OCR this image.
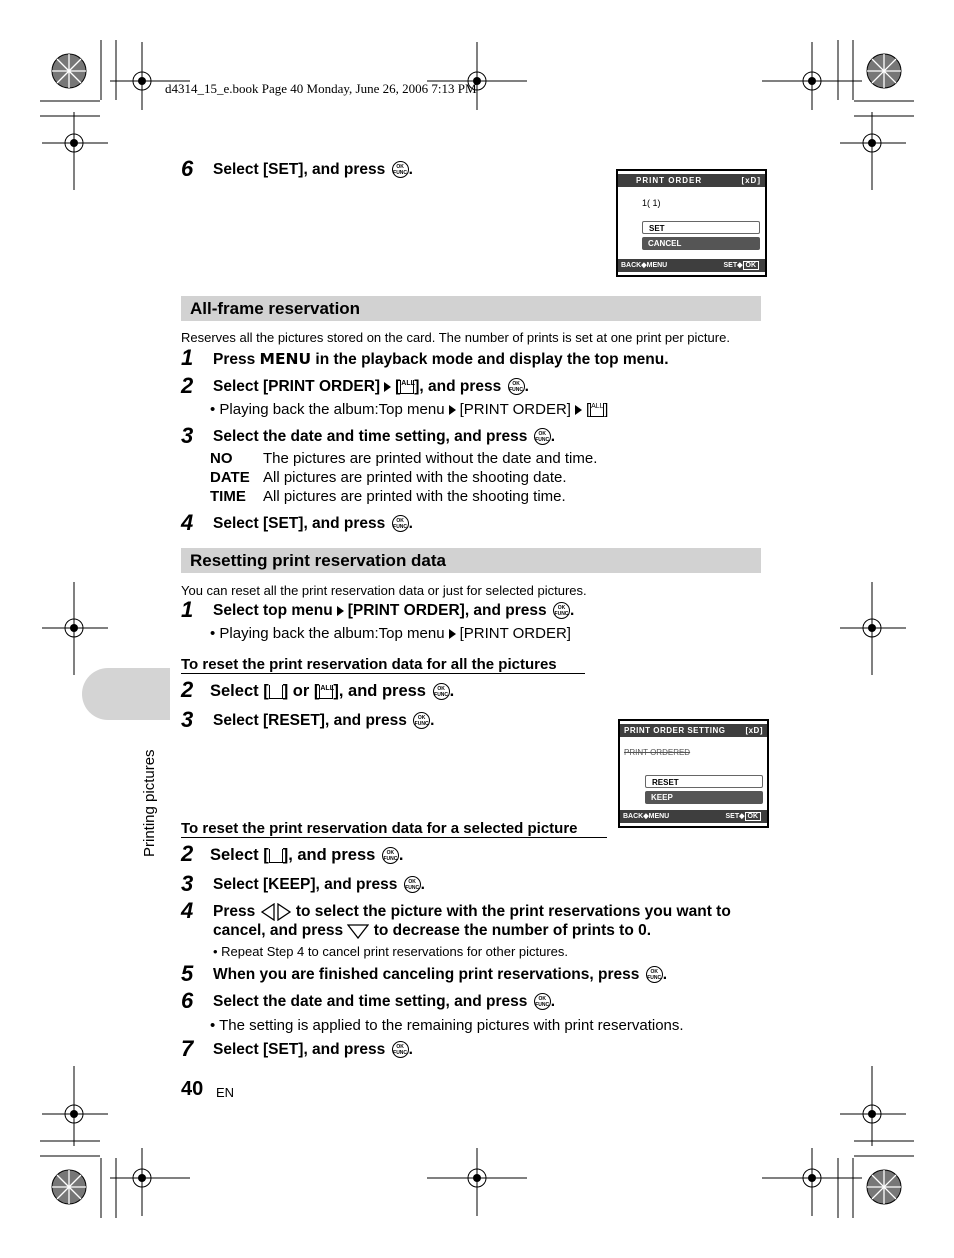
d4314_15_e.book Page 40 Monday, June 26, 2006 7:13 PM
6 Select [SET], and press OK
FUNC .
PRINT ORDER	[xD]
1( 1)
SET
CANCEL
BACK◆MENU	SET◆ OK
All-frame reservation
Reserves all the pictures stored on the card. The number of prints is set at one print per picture.
1 Press MENU in the playback mode and display the top menu.
2 Select [PRINT ORDER] [ALL], and press OK
FUNC .
• Playing back the album:Top menu [PRINT ORDER] [ALL]
3 Select the date and time setting, and press OK
FUNC .
NO The pictures are printed without the date and time.
DATE All pictures are printed with the shooting date.
TIME All pictures are printed with the shooting time.
4 Select [SET], and press OK
FUNC .
Resetting print reservation data
You can reset all the print reservation data or just for selected pictures.
1 Select top menu [PRINT ORDER], and press OK
FUNC .
• Playing back the album:Top menu [PRINT ORDER]
To reset the print reservation data for all the pictures
2 Select [ ] or [ALL], and press OK
FUNC.
3 Select [RESET], and press OK
FUNC .
PRINT ORDER SETTING [xD]
PRINT ORDERED
RESET
KEEP
BACK◆MENU	SET◆ OK
To reset the print reservation data for a selected picture
2 Select [ ], and press OK
FUNC.
3 Select [KEEP], and press OK
FUNC .
4 Press	to select the picture with the print reservations you want to
cancel, and press to decrease the number of prints to 0.
• Repeat Step 4 to cancel print reservations for other pictures.
5 When you are finished canceling print reservations, press OK
FUNC .
6 Select the date and time setting, and press OK
FUNC .
• The setting is applied to the remaining pictures with print reservations.
7 Select [SET], and press OK
FUNC .
Printing pictures
40 EN
